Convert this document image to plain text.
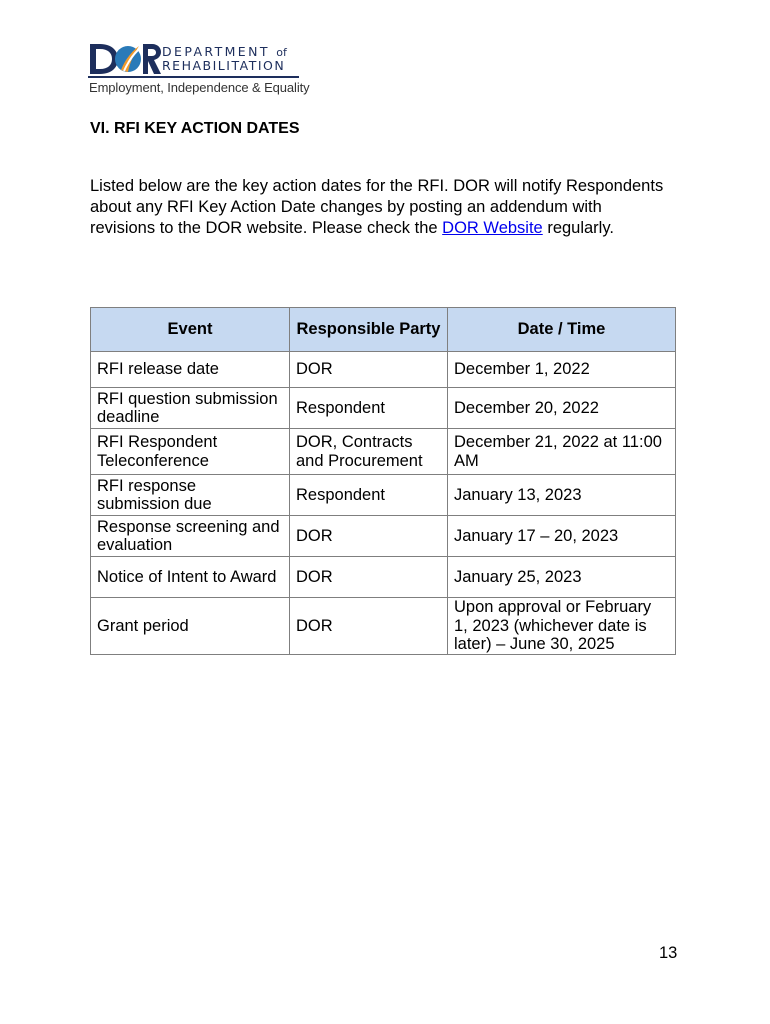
DEPARTMENT of
REHABILITATION
Employment, Independence & Equality
VI. RFI KEY ACTION DATES

Listed below are the key action dates for the RFI. DOR will notify Respondents about any RFI Key Action Date changes by posting an addendum with revisions to the DOR website. Please check the DOR Website regularly.

Event	Responsible Party	Date / Time
RFI release date	DOR	December 1, 2022
RFI question submission deadline	Respondent	December 20, 2022
RFI Respondent Teleconference	DOR, Contracts and Procurement	December 21, 2022 at 11:00 AM
RFI response submission due	Respondent	January 13, 2023
Response screening and evaluation	DOR	January 17 – 20, 2023
Notice of Intent to Award	DOR	January 25, 2023
Grant period	DOR	Upon approval or February 1, 2023 (whichever date is later) – June 30, 2025
13
